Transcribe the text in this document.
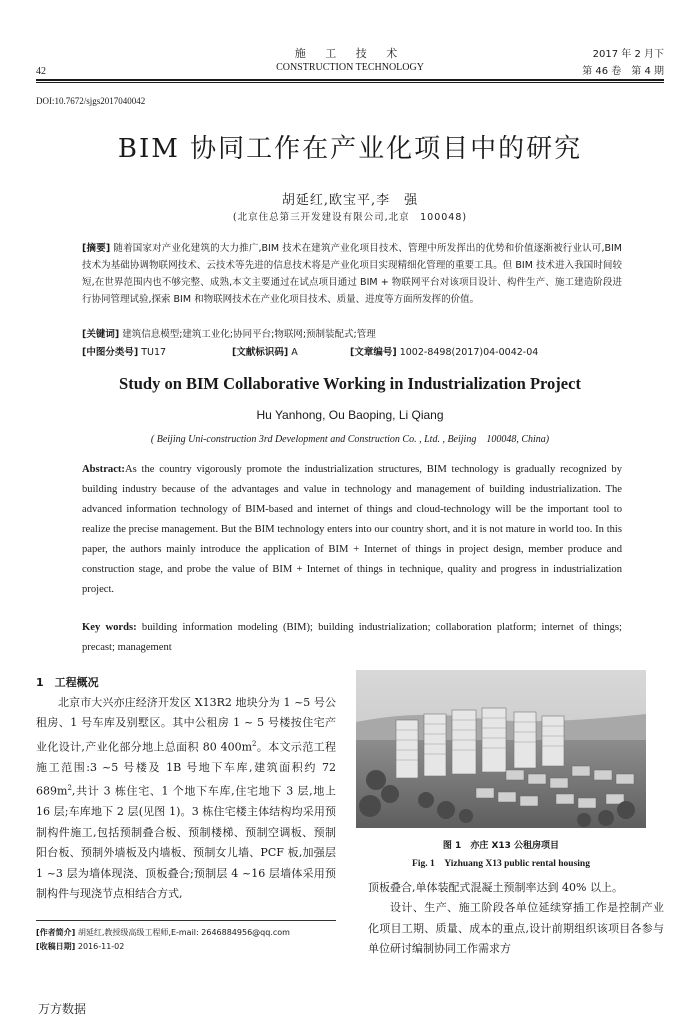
施 工 技 术
CONSTRUCTION TECHNOLOGY
42
2017 年 2 月下
第 46 卷　第 4 期
DOI:10.7672/sjgs2017040042
BIM 协同工作在产业化项目中的研究
胡延红,欧宝平,李　强
(北京住总第三开发建设有限公司,北京　100048)
[摘要] 随着国家对产业化建筑的大力推广,BIM 技术在建筑产业化项目技术、管理中所发挥出的优势和价值逐渐被行业认可,BIM 技术为基础协调物联网技术、云技术等先进的信息技术将是产业化项目实现精细化管理的重要工具。但 BIM 技术进入我国时间较短,在世界范围内也不够完整、成熟,本文主要通过在试点项目通过 BIM + 物联网平台对该项目设计、构件生产、施工建造阶段进行协同管理试验,探索 BIM 和物联网技术在产业化项目技术、质量、进度等方面所发挥的价值。
[关键词] 建筑信息模型;建筑工业化;协同平台;物联网;预制装配式;管理
[中图分类号] TU17	[文献标识码] A	[文章编号] 1002-8498(2017)04-0042-04
Study on BIM Collaborative Working in Industrialization Project
Hu Yanhong, Ou Baoping, Li Qiang
( Beijing Uni-construction 3rd Development and Construction Co. , Ltd. , Beijing　100048, China)
Abstract:As the country vigorously promote the industrialization structures, BIM technology is gradually recognized by building industry because of the advantages and value in technology and management of building industrialization. The advanced information technology of BIM-based and internet of things and cloud-technology will be the important tool to realize the precise management. But the BIM technology enters into our country short, and it is not mature in world too. In this paper, the authors mainly introduce the application of BIM + Internet of things in project design, member produce and construction stage, and probe the value of BIM + Internet of things in technique, quality and progress in industrialization project.
Key words: building information modeling (BIM); building industrialization; collaboration platform; internet of things; precast; management
1　工程概况
北京市大兴亦庄经济开发区 X13R2 地块分为 1 ~5 号公租房、1 号车库及别墅区。其中公租房 1 ~ 5 号楼按住宅产业化设计,产业化部分地上总面积 80 $400m^2$。本文示范工程施工范围:3 ~5 号楼及 1B 号地下车库,建筑面积约 72 $689m^2$,共计 3 栋住宅、1 个地下车库,住宅地下 3 层,地上 16 层;车库地下 2 层(见图 1)。3 栋住宅楼主体结构均采用预制构件施工,包括预制叠合板、预制楼梯、预制空调板、预制阳台板、预制外墙板及内墙板、预制女儿墙、PCF 板,加强层 1 ~3 层为墙体现浇、顶板叠合;预制层 4 ~16 层墙体采用预制构件与现浇节点相结合方式,
[作者简介] 胡延红,教授级高级工程师,E-mail: 2646884956@qq.com
[收稿日期] 2016-11-02
图 1　亦庄 X13 公租房项目
Fig. 1　Yizhuang X13 public rental housing

顶板叠合,单体装配式混凝土预制率达到 40% 以上。

设计、生产、施工阶段各单位延续穿插工作是控制产业化项目工期、质量、成本的重点,设计前期组织该项目各参与单位研讨编制协同工作需求方

万方数据
